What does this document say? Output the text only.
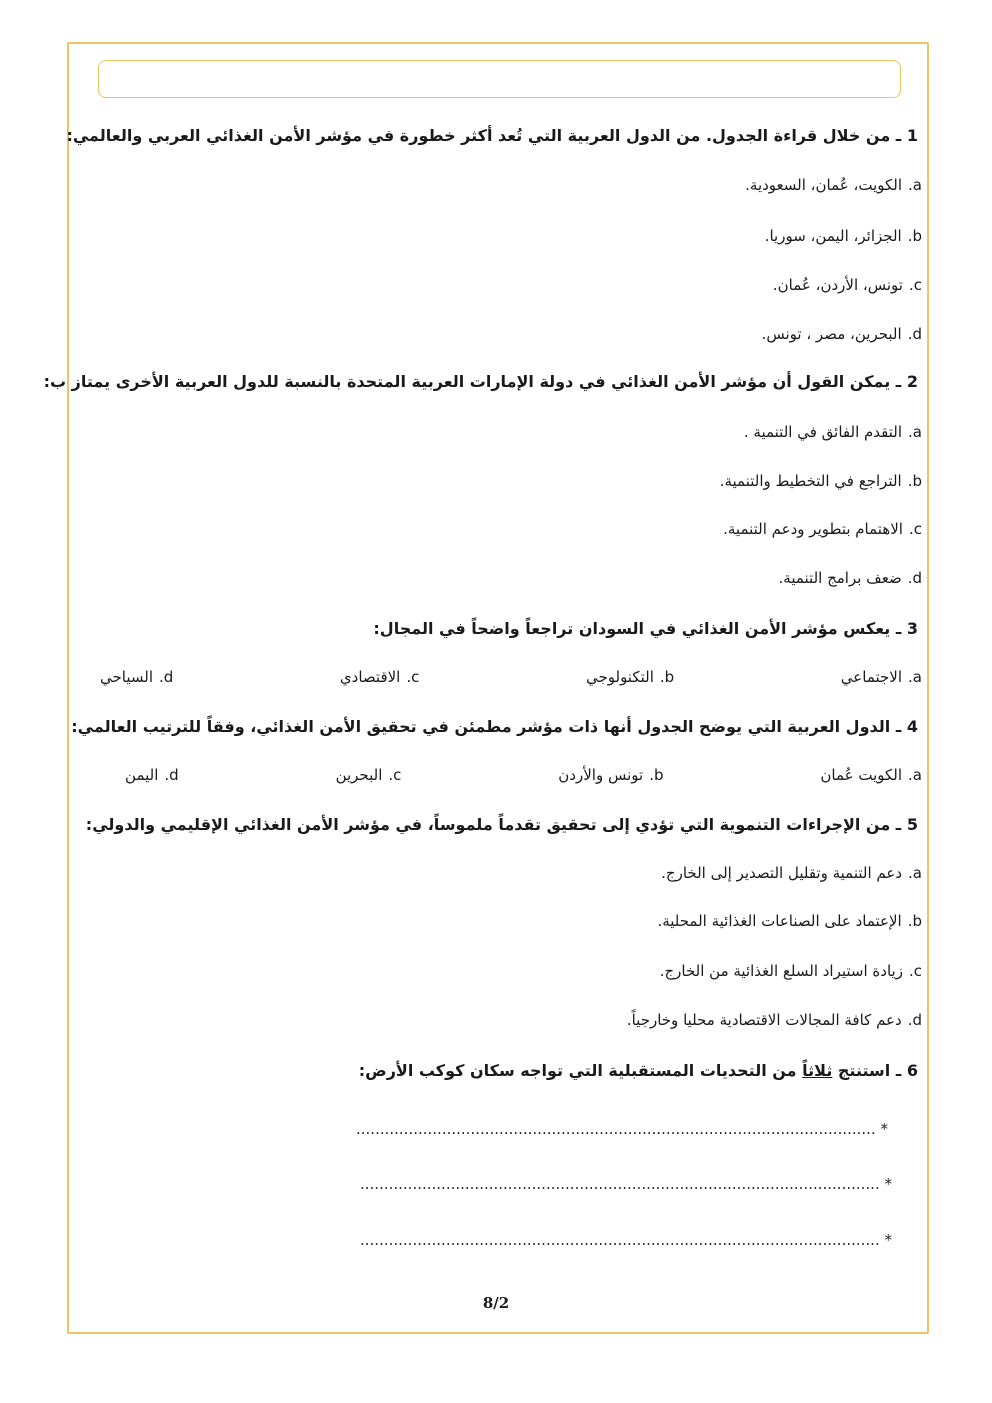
1 ـ من خلال قراءة الجدول. من الدول العربية التي تُعد أكثر خطورة في مؤشر الأمن الغذائي العربي والعالمي:
a.الكويت، عُمان، السعودية.
b.الجزائر، اليمن، سوريا.
c.تونس، الأردن، عُمان.
d.البحرين، مصر ، تونس.
2 ـ يمكن القول أن مؤشر الأمن الغذائي في دولة الإمارات العربية المتحدة بالنسبة للدول العربية الأخرى يمتاز ب:
a.التقدم الفائق في التنمية .
b.التراجع في التخطيط والتنمية.
c.الاهتمام بتطوير ودعم التنمية.
d.ضعف برامج التنمية.
3 ـ يعكس مؤشر الأمن الغذائي في السودان تراجعاً واضحاً في المجال:
a.الاجتماعي
b.التكنولوجي
c.الاقتصادي
d.السياحي
4 ـ الدول العربية التي يوضح الجدول أنها ذات مؤشر مطمئن في تحقيق الأمن الغذائي، وفقاً للترتيب العالمي:
a.الكويت عُمان
b.تونس والأردن
c.البحرين
d.اليمن
5 ـ من الإجراءات التنموية التي تؤدي إلى تحقيق تقدماً ملموساً، في مؤشر الأمن الغذائي الإقليمي والدولي:
a.دعم التنمية وتقليل التصدير إلى الخارج.
b.الإعتماد على الصناعات الغذائية المحلية.
c.زيادة استيراد السلع الغذائية من الخارج.
d.دعم كافة المجالات الاقتصادية محليا وخارجياً.
6 ـ استنتج ثلاثاً من التحديات المستقبلية التي تواجه سكان كوكب الأرض:
* .............................................................................................................
* .............................................................................................................
* .............................................................................................................
8/2
